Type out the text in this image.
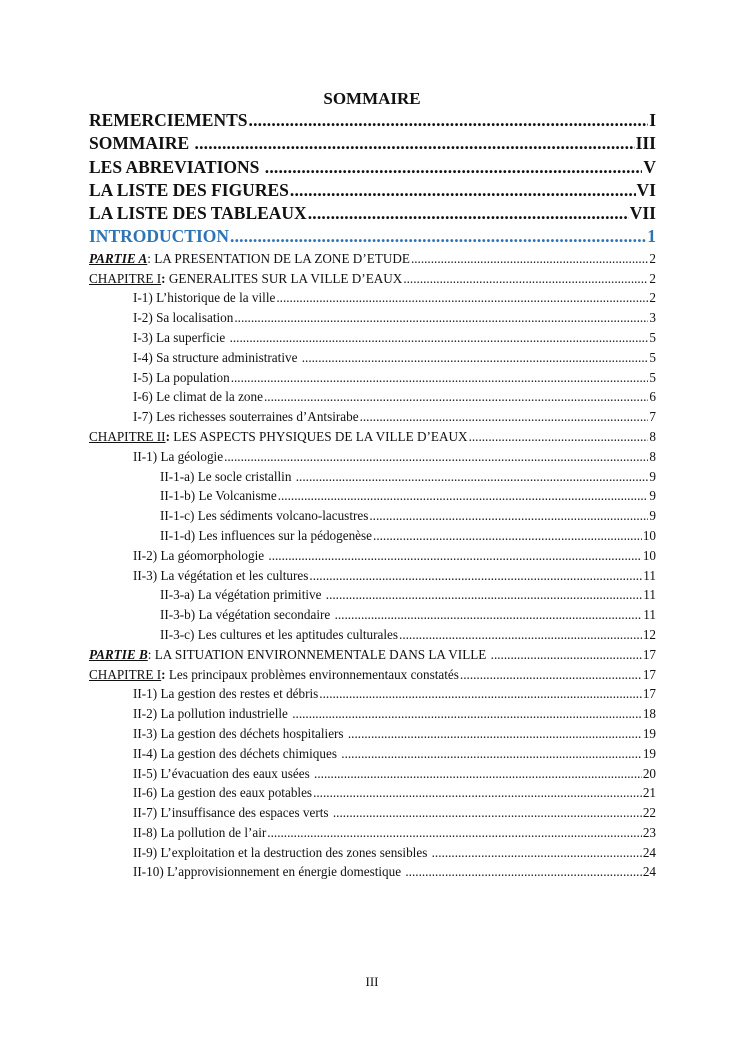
SOMMAIRE
REMERCIEMENTS .....	I
SOMMAIRE .....	III
LES ABREVIATIONS .....	V
LA LISTE DES FIGURES .....	VI
LA LISTE DES TABLEAUX .....	VII
INTRODUCTION .....	1
PARTIE A: LA PRESENTATION DE LA ZONE D’ETUDE .....	2
CHAPITRE I: GENERALITES SUR LA VILLE D’EAUX .....	2
I-1) L’historique de la ville .....	2
I-2) Sa localisation .....	3
I-3) La superficie .....	5
I-4) Sa structure administrative .....	5
I-5) La population .....	5
I-6) Le climat de la zone .....	6
I-7) Les richesses souterraines d’Antsirabe .....	7
CHAPITRE II: LES ASPECTS PHYSIQUES DE LA VILLE D’EAUX .....	8
II-1) La géologie .....	8
II-1-a) Le socle cristallin .....	9
II-1-b) Le Volcanisme .....	9
II-1-c) Les sédiments volcano-lacustres .....	9
II-1-d) Les influences sur la pédogenèse .....	10
II-2) La géomorphologie .....	10
II-3) La végétation et les cultures .....	11
II-3-a) La végétation primitive .....	11
II-3-b) La végétation secondaire .....	11
II-3-c) Les cultures et les aptitudes culturales .....	12
PARTIE B: LA SITUATION ENVIRONNEMENTALE DANS LA VILLE .....	17
CHAPITRE I: Les principaux problèmes environnementaux constatés .....	17
II-1) La gestion des restes et débris .....	17
II-2) La pollution industrielle .....	18
II-3) La gestion des déchets hospitaliers .....	19
II-4) La gestion des déchets chimiques .....	19
II-5) L’évacuation des eaux usées .....	20
II-6) La gestion des eaux potables .....	21
II-7) L’insuffisance des espaces verts .....	22
II-8) La pollution de l’air .....	23
II-9) L’exploitation et la destruction des zones sensibles .....	24
II-10) L’approvisionnement en énergie domestique .....	24
III
